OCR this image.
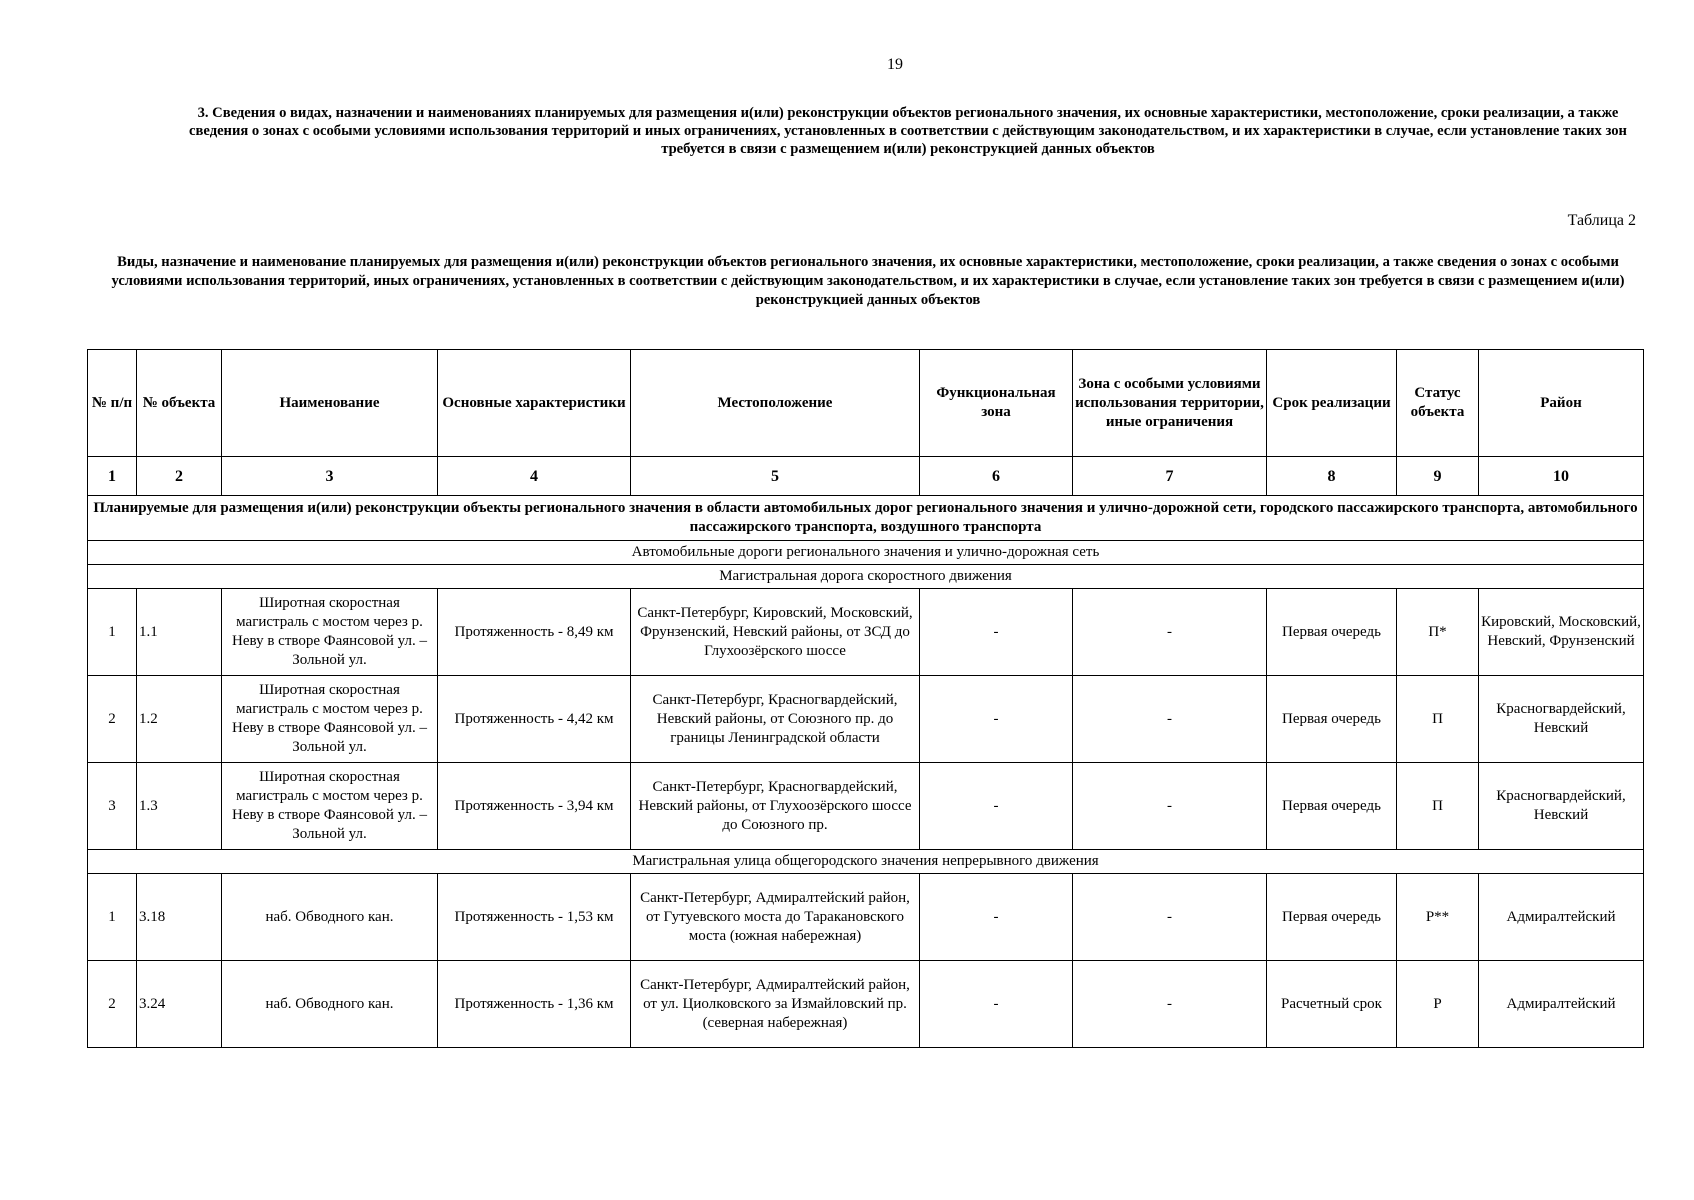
19
3. Сведения о видах, назначении и наименованиях планируемых для размещения и(или) реконструкции объектов регионального значения, их основные характеристики, местоположение, сроки реализации, а также сведения о зонах с особыми условиями использования территорий и иных ограничениях, установленных в соответствии с действующим законодательством, и их характеристики в случае, если установление таких зон требуется в связи с размещением и(или) реконструкцией данных объектов
Таблица 2
Виды, назначение и наименование планируемых для размещения и(или) реконструкции объектов регионального значения, их основные характеристики, местоположение, сроки реализации, а также сведения о зонах с особыми условиями использования территорий, иных ограничениях, установленных в соответствии с действующим законодательством, и их характеристики в случае, если установление таких зон требуется в связи с размещением и(или) реконструкцией данных объектов
№ п/п	№ объекта	Наименование	Основные характеристики	Местоположение	Функциональная зона	Зона с особыми условиями использования территории, иные ограничения	Срок реализации	Статус объекта	Район
1	2	3	4	5	6	7	8	9	10
Планируемые для размещения и(или) реконструкции объекты регионального значения в области автомобильных дорог регионального значения и улично-дорожной сети, городского пассажирского транспорта, автомобильного пассажирского транспорта, воздушного транспорта									
Автомобильные дороги регионального значения и улично-дорожная сеть									
Магистральная дорога скоростного движения									
1	1.1	Широтная скоростная магистраль с мостом через р. Неву в створе Фаянсовой ул. – Зольной ул.	Протяженность - 8,49 км	Санкт-Петербург, Кировский, Московский, Фрунзенский, Невский районы, от ЗСД до Глухоозёрского шоссе	-	-	Первая очередь	П*	Кировский, Московский, Невский, Фрунзенский
2	1.2	Широтная скоростная магистраль с мостом через р. Неву в створе Фаянсовой ул. – Зольной ул.	Протяженность - 4,42 км	Санкт-Петербург, Красногвардейский, Невский районы, от Союзного пр. до границы Ленинградской области	-	-	Первая очередь	П	Красногвардейский, Невский
3	1.3	Широтная скоростная магистраль с мостом через р. Неву в створе Фаянсовой ул. – Зольной ул.	Протяженность - 3,94 км	Санкт-Петербург, Красногвардейский, Невский районы, от Глухоозёрского шоссе до Союзного пр.	-	-	Первая очередь	П	Красногвардейский, Невский
Магистральная улица общегородского значения непрерывного движения									
1	3.18	наб. Обводного кан.	Протяженность - 1,53 км	Санкт-Петербург, Адмиралтейский район, от Гутуевского моста до Таракановского моста (южная набережная)	-	-	Первая очередь	Р**	Адмиралтейский
2	3.24	наб. Обводного кан.	Протяженность - 1,36 км	Санкт-Петербург, Адмиралтейский район, от ул. Циолковского за Измайловский пр. (северная набережная)	-	-	Расчетный срок	Р	Адмиралтейский
